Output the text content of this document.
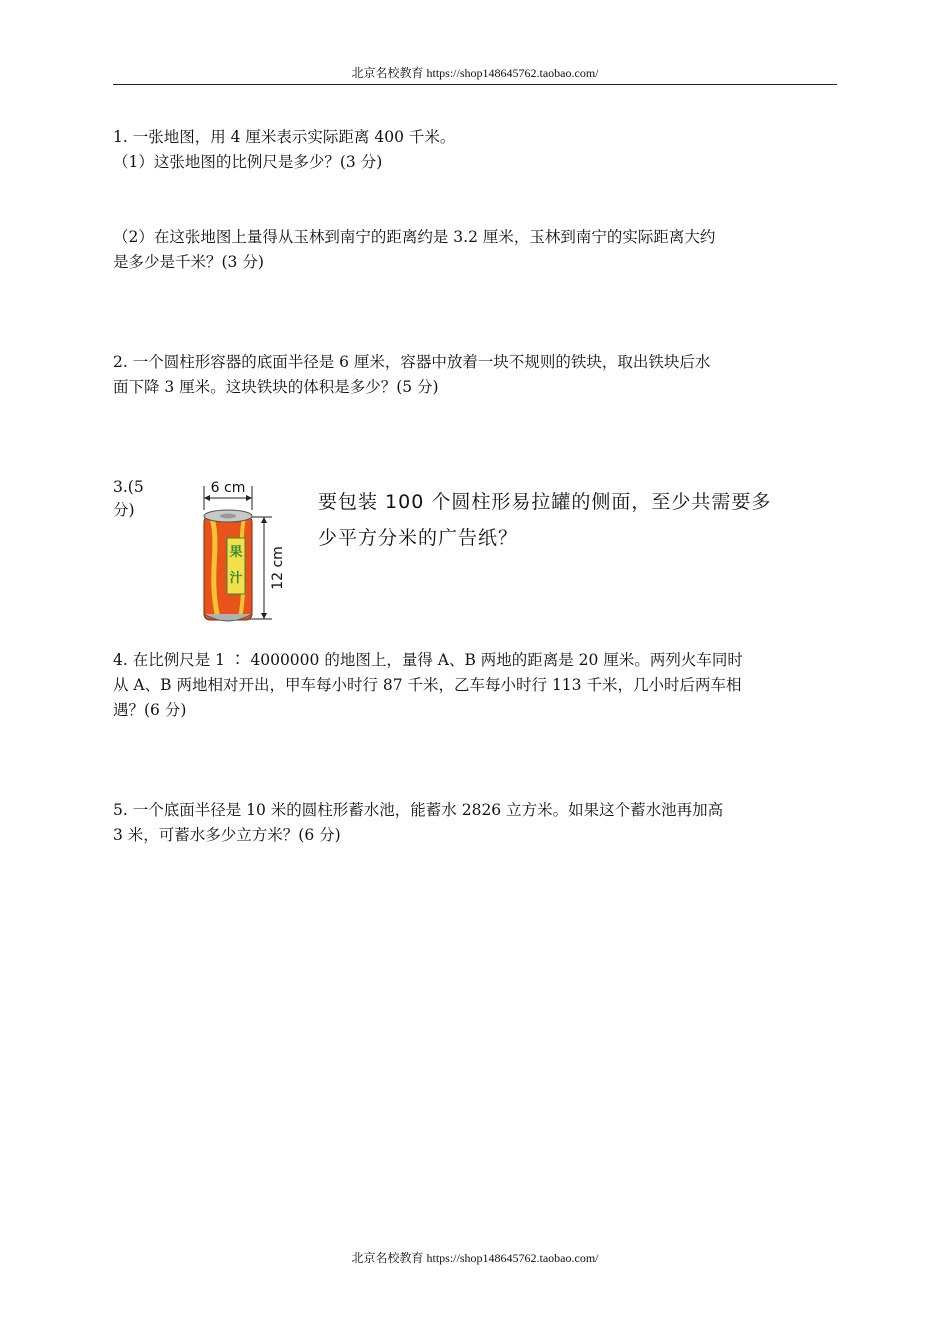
北京名校教育 https://shop148645762.taobao.com/
1. 一张地图，用 4 厘米表示实际距离 400 千米。
（1）这张地图的比例尺是多少？(3 分)
（2）在这张地图上量得从玉林到南宁的距离约是 3.2 厘米，玉林到南宁的实际距离大约
是多少是千米？(3 分)
2. 一个圆柱形容器的底面半径是 6 厘米，容器中放着一块不规则的铁块，取出铁块后水
面下降 3 厘米。这块铁块的体积是多少？(5 分)
3.(5
分)
6 cm
12 cm
果
汁
要包装 100 个圆柱形易拉罐的侧面，至少共需要多
少平方分米的广告纸？
4. 在比例尺是 1 ∶ 4000000 的地图上，量得 A、B 两地的距离是 20 厘米。两列火车同时
从 A、B 两地相对开出，甲车每小时行 87 千米，乙车每小时行 113 千米，几小时后两车相
遇？(6 分)
5. 一个底面半径是 10 米的圆柱形蓄水池，能蓄水 2826 立方米。如果这个蓄水池再加高
3 米，可蓄水多少立方米？(6 分)
北京名校教育 https://shop148645762.taobao.com/
